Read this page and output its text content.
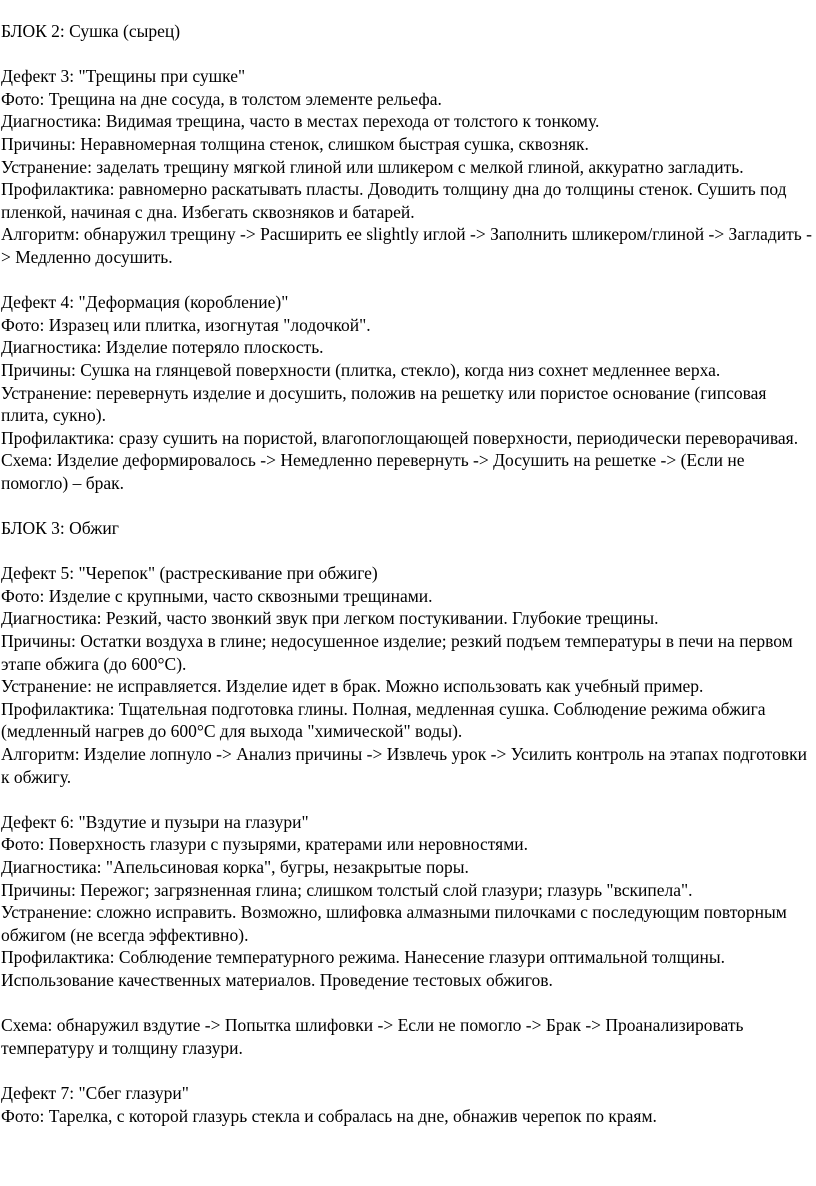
БЛОК 2: Сушка (сырец)

Дефект 3: "Трещины при сушке"

Фото: Трещина на дне сосуда, в толстом элементе рельефа.

Диагностика: Видимая трещина, часто в местах перехода от толстого к тонкому.

Причины: Неравномерная толщина стенок, слишком быстрая сушка, сквозняк.

Устранение: заделать трещину мягкой глиной или шликером с мелкой глиной, аккуратно загладить.

Профилактика: равномерно раскатывать пласты. Доводить толщину дна до толщины стенок. Сушить под пленкой, начиная с дна. Избегать сквозняков и батарей.

Алгоритм: обнаружил трещину -> Расширить ее slightly иглой -> Заполнить шликером/глиной -> Загладить -> Медленно досушить.

Дефект 4: "Деформация (коробление)"

Фото: Изразец или плитка, изогнутая "лодочкой".

Диагностика: Изделие потеряло плоскость.

Причины: Сушка на глянцевой поверхности (плитка, стекло), когда низ сохнет медленнее верха.

Устранение: перевернуть изделие и досушить, положив на решетку или пористое основание (гипсовая плита, сукно).

Профилактика: сразу сушить на пористой, влагопоглощающей поверхности, периодически переворачивая.

Схема: Изделие деформировалось -> Немедленно перевернуть -> Досушить на решетке -> (Если не помогло) – брак.

БЛОК 3: Обжиг

Дефект 5: "Черепок" (растрескивание при обжиге)

Фото: Изделие с крупными, часто сквозными трещинами.

Диагностика: Резкий, часто звонкий звук при легком постукивании. Глубокие трещины.

Причины: Остатки воздуха в глине; недосушенное изделие; резкий подъем температуры в печи на первом этапе обжига (до 600°C).

Устранение: не исправляется. Изделие идет в брак. Можно использовать как учебный пример.

Профилактика: Тщательная подготовка глины. Полная, медленная сушка. Соблюдение режима обжига (медленный нагрев до 600°C для выхода "химической" воды).

Алгоритм: Изделие лопнуло -> Анализ причины -> Извлечь урок -> Усилить контроль на этапах подготовки к обжигу.

Дефект 6: "Вздутие и пузыри на глазури"

Фото: Поверхность глазури с пузырями, кратерами или неровностями.

Диагностика: "Апельсиновая корка", бугры, незакрытые поры.

Причины: Пережог; загрязненная глина; слишком толстый слой глазури; глазурь "вскипела".

Устранение: сложно исправить. Возможно, шлифовка алмазными пилочками с последующим повторным обжигом (не всегда эффективно).

Профилактика: Соблюдение температурного режима. Нанесение глазури оптимальной толщины. Использование качественных материалов. Проведение тестовых обжигов.

Схема: обнаружил вздутие -> Попытка шлифовки -> Если не помогло -> Брак -> Проанализировать температуру и толщину глазури.

Дефект 7: "Сбег глазури"

Фото: Тарелка, с которой глазурь стекла и собралась на дне, обнажив черепок по краям.
